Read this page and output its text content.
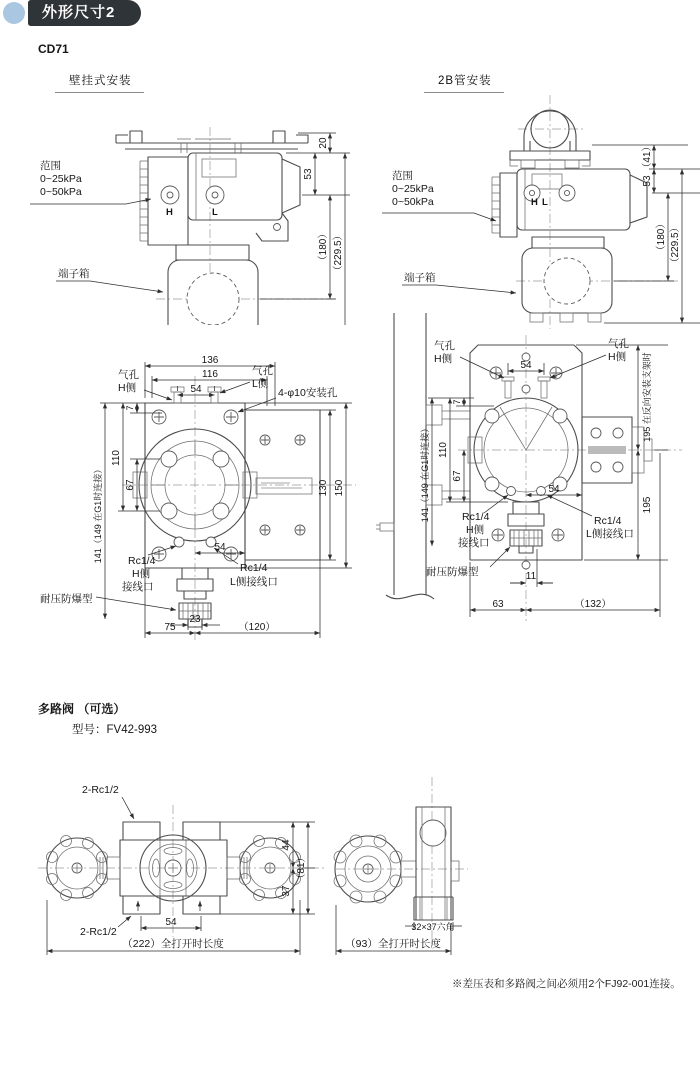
外形尺寸2
CD71
壁挂式安装	2B管安装
20
53
（180） （229.5）
范围
0~25kPa
0~50kPa
端子箱
H	L
（41）
53
（180） （229.5）
范围
0~25kPa
0~50kPa
端子箱
H L
136
116
54
141（149 在G1时连接）
110
7
67	130 150
54
23
75	（120）
气孔
H侧
气孔
L侧
4-φ10安装孔
Rc1/4
H侧
接线口
Rc1/4
L侧接线口
耐压防爆型
54
141（149 在G1时连接） 110
7
67
54
195 在反向安装支架时
195
11
63	（132）
气孔
H侧
气孔
H侧
Rc1/4
H侧
接线口
Rc1/4
L侧接线口
耐压防爆型
多路阀 （可选）
型号：FV42-993
2-Rc1/2
2-Rc1/2
54
（222）全打开时长度
44
37
（81）
32×37六角
（93）全打开时长度
※差压表和多路阀之间必须用2个FJ92-001连接。
